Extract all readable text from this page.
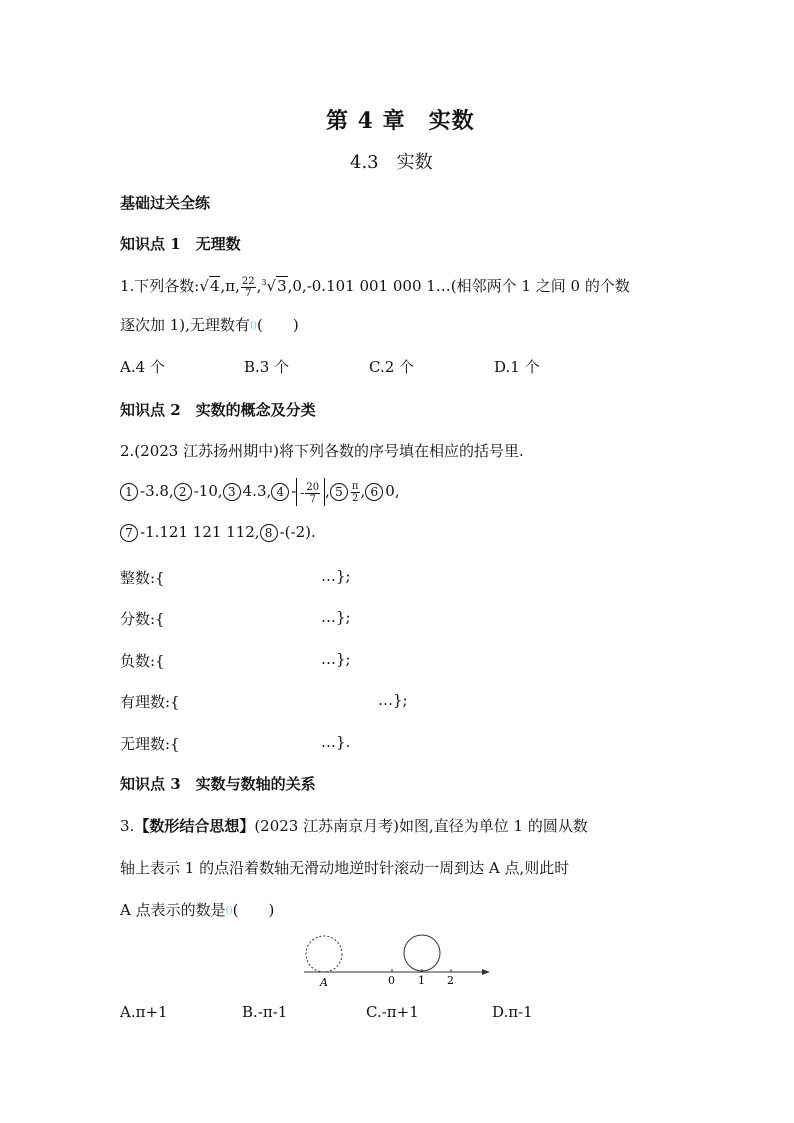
第 4 章　实数
4.3　实数
基础过关全练
知识点 1　无理数
1.下列各数:√4,π, $\frac{22}{7} ,^3√3,0,-0.101$ 001 000 1…(相邻两个 1 之间 0 的个数
逐次加 1),无理数有()(　　)
A.4 个	B.3 个	C.2 个	D.1 个
知识点 2　实数的概念及分类
2.(2023 江苏扬州期中)将下列各数的序号填在相应的括号里.
1 -3.8, 2 -10, 3 4.3, 4 - - $\frac{20}{7}$ , $5 \frac{\pi}{2}$ , 6 0,
7 -1.121 121 112, 8 -(-2).
整数:{	…};
分数:{	…};
负数:{	…};
有理数:{	…};
无理数:{	…}.
知识点 3　实数与数轴的关系
3.【数形结合思想】(2023 江苏南京月考)如图,直径为单位 1 的圆从数
轴上表示 1 的点沿着数轴无滑动地逆时针滚动一周到达 A 点,则此时
A 点表示的数是()(　　)
A	0 1 2
A.π+1	B.-π-1	C.-π+1	D.π-1
